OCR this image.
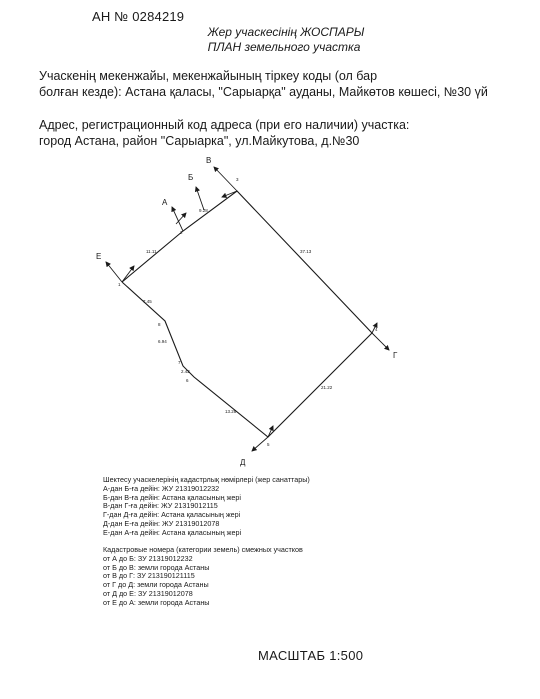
АН № 0284219
Жер учаскесінің ЖОСПАРЫ
ПЛАН земельного участка
Учаскенің мекенжайы, мекенжайының тіркеу коды (ол бар
болған кезде): Астана қаласы, "Сарыарқа" ауданы, Майкөтов көшесі, №30 үй
Адрес, регистрационный код адреса (при его наличии) участка:
город Астана, район "Сарыарка", ул.Майкутова, д.№30
А
Б
В
Г
Д
Е
1
2
3
4
5
6
7
8
9.28
37.13
21.22
13.28
2.42
6.94
7.45
11.11
Шектесу учаскелерінің кадастрлық нөмірлері (жер санаттары)
А-дан Б-ға дейін: ЖУ 21319012232
Б-дан В-ға дейін: Астана қаласының жері
В-дан Г-ға дейін: ЖУ 21319012115
Г-дан Д-ға дейін: Астана қаласының жері
Д-дан Е-ға дейін: ЖУ 21319012078
Е-дан А-ға дейін: Астана қаласының жері
Кадастровые номера (категории земель) смежных участков
от А до Б: ЗУ 21319012232
от Б до В: земли города Астаны
от В до Г: ЗУ 213190121115
от Г до Д: земли города Астаны
от Д до Е: ЗУ 21319012078
от Е до А: земли города Астаны
МАСШТАБ 1:500
